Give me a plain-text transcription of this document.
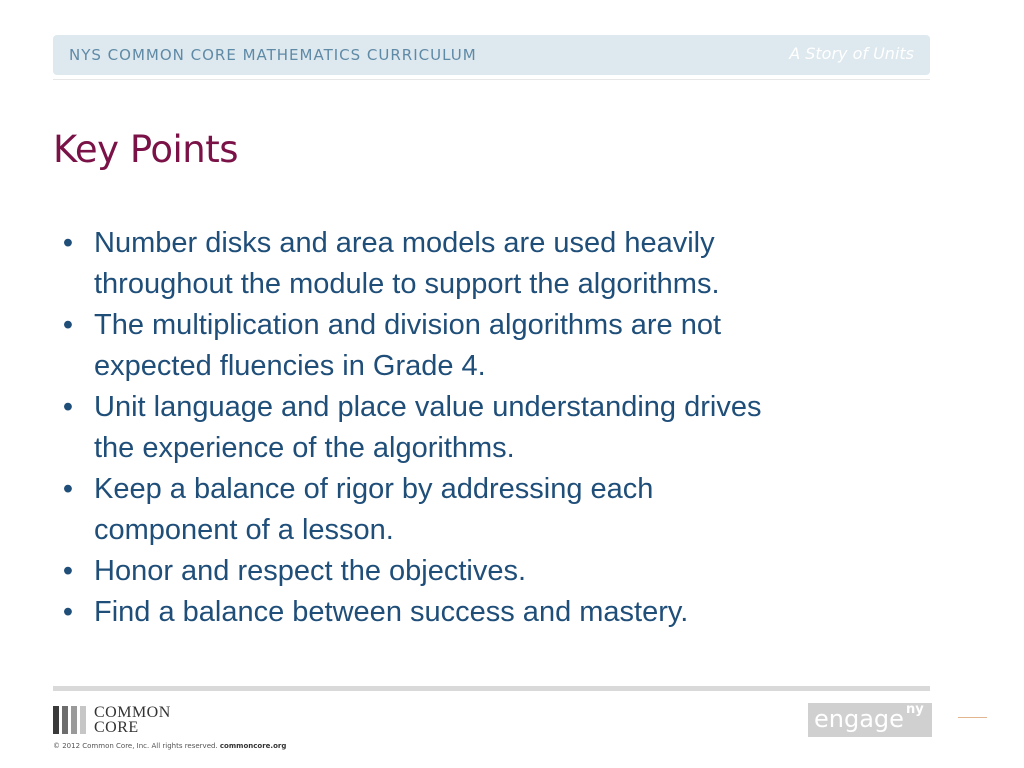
NYS COMMON CORE MATHEMATICS CURRICULUM	A Story of Units
Key Points
• Number disks and area models are used heavily
throughout the module to support the algorithms.
• The multiplication and division algorithms are not
expected fluencies in Grade 4.
• Unit language and place value understanding drives
the experience of the algorithms.
• Keep a balance of rigor by addressing each
component of a lesson.
• Honor and respect the objectives.
• Find a balance between success and mastery.
COMMON
CORE
© 2012 Common Core, Inc. All rights reserved. commoncore.org
engage ny
